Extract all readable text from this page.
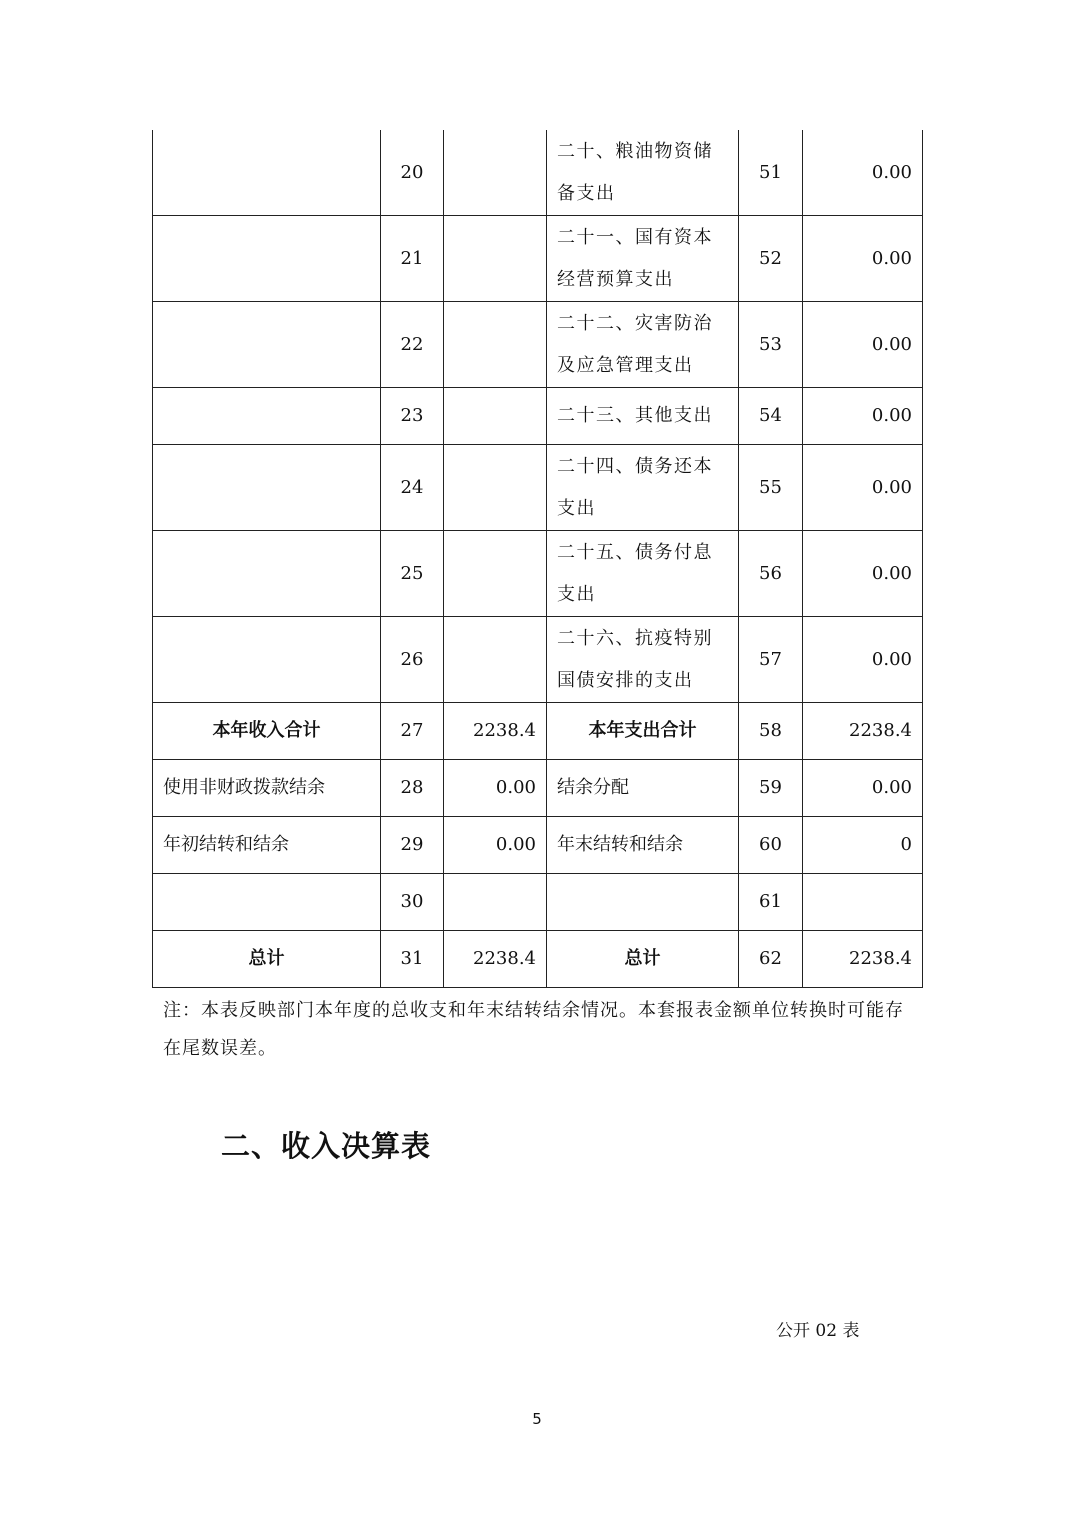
	20		二十、粮油物资储备支出	51	0.00
	21		二十一、国有资本经营预算支出	52	0.00
	22		二十二、灾害防治及应急管理支出	53	0.00
	23		二十三、其他支出	54	0.00
	24		二十四、债务还本支出	55	0.00
	25		二十五、债务付息支出	56	0.00
	26		二十六、抗疫特别国债安排的支出	57	0.00
本年收入合计	27	2238.4	本年支出合计	58	2238.4
使用非财政拨款结余	28	0.00	结余分配	59	0.00
年初结转和结余	29	0.00	年末结转和结余	60	0
	30			61	
总计	31	2238.4	总计	62	2238.4

注：本表反映部门本年度的总收支和年末结转结余情况。本套报表金额单位转换时可能存在尾数误差。

二、收入决算表

公开 02 表

5
